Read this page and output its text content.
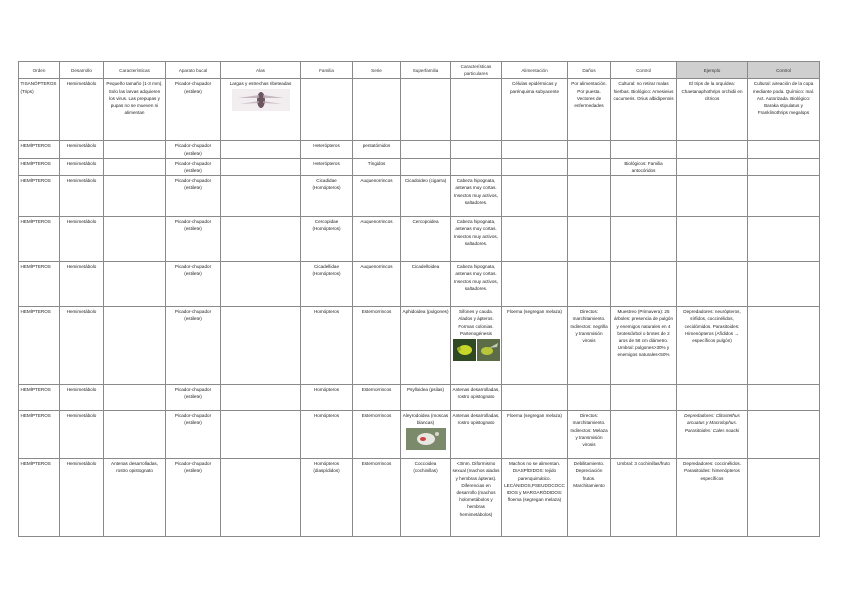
Orden	Desarrollo	Características	Aparato bucal	Alas	Familia	Serie	Superfamilia	Características particulares	Alimentación	Daños	Control	Ejemplo	Control
TISANÓPTEROS (Trips)	Hemimetábolo	Pequeño tamaño (1-3 mm). Solo las larvas adquieren los virus. Las prepupas y pupas no se mueven ni alimentan	Picador-chupador (estilete)	Largas y estrechas ribeteadas					Células epidérmicas y parénquima subyacente	Por alimentación. Por puesta. Vectores de enfermedades	Cultural: no retirar malas hierbas. Biológico: Amesieius cucumeris. Orius albidipennis	El trips de la orquídea: Chaetanaphothrips orchidii en cítricos	Cultural: aireación de la copa mediante poda. Químico: mal. Act. Autorizada. Biológico: Baraka stipulatus y Franklinothrips megalops
HEMÍPTEROS	Hemimetábolo		Picador-chupador (estilete)		Heterópteros	pentatómidos							
HEMÍPTEROS	Hemimetábolo		Picador-chupador (estilete)		Heterópteros	Tíngidos					Biológicos: Familia antocóridos		
HEMÍPTEROS	Hemimetábolo		Picador-chupador (estilete)		Cicadidae (Homópteros)	Auquenorrincos	Cicadoideo (cigarra)	Cabeza hipognata, antenas muy cortas. Insectos muy activos, saltadores.					
HEMÍPTEROS	Hemimetábolo		Picador-chupador (estilete)		Cercopidae (Homópteros)	Auquenorrincos	Cercopoidea	Cabeza hipognata, antenas muy cortas. Insectos muy activos, saltadores.					
HEMÍPTEROS	Hemimetábolo		Picador-chupador (estilete)		Cicadellidae (Homópteros)	Auquenorrincos	Cicadelloidea	Cabeza hipognata, antenas muy cortas. Insectos muy activos, saltadores.					
HEMÍPTEROS	Hemimetábolo		Picador-chupador (estilete)		Homópteros	Esternorrincos	Aphidoidea (pulgones)	Sifones y cauda. Alados y ápteros. Forman colonias. Partenogénesis	Floema (segregan melaza)	Directos: marchitamiento. Indirectos: negrilla y transmisión virosis	Muestreo (Primavera): 25 árboles: presencia de pulgón y enemigos naturales en 4 brotes/árbol o brotes de 2 aros de 56 cm diámetro. Umbral: pulgones>30% y enemigos naturales<50%	Depredadores: neurópteros, sírfidos, coccinélidos, cecidómidos. Parasitoides: Himenópteros (Afídidos → específicos pulgón)	
HEMÍPTEROS	Hemimetábolo		Picador-chupador (estilete)		Homópteros	Esternorrincos	Psylloidea (psilas)	Antenas desarrolladas, rostro opistognato					
HEMÍPTEROS	Hemimetábolo		Picador-chupador (estilete)		Homópteros	Esternorrincos	Aleyrodoidea (moscas blancas)	Antenas desarrolladas, rostro opistognato	Floema (segregan melaza)	Directos: marchitamiento. Indirectos: Melaza y transmisión virosis		Depredadores: Clitostethus arcuatus y Macrolophus. Parasitoides: Cales noacki	
HEMÍPTEROS	Hemimetábolo	Antenas desarrolladas, rostro opistognato	Picador-chupador (estilete)		Homópteros (diaspídidos)	Esternorrincos	Coccoidea (cochinillas)	<3mm. Diformismo sexual (machos alados y hembras ápteras). Diferencias en desarrollo (machos holometábolos y hembras hemimetábolos)	Machos no se alimentan. DIASPÍDIDOS: tejido parenquimático. LECÁNIDOS,PSEUDOCOCCIDOS y MARGARÓDIDOS: floema (segregan melaza)	Debilitamiento. Depreciación frutos. Marchitamiento	Umbral: 3 cochinillas/fruto	Depredadores: coccinélidos. Parasitoides: himenópteros específicos	
